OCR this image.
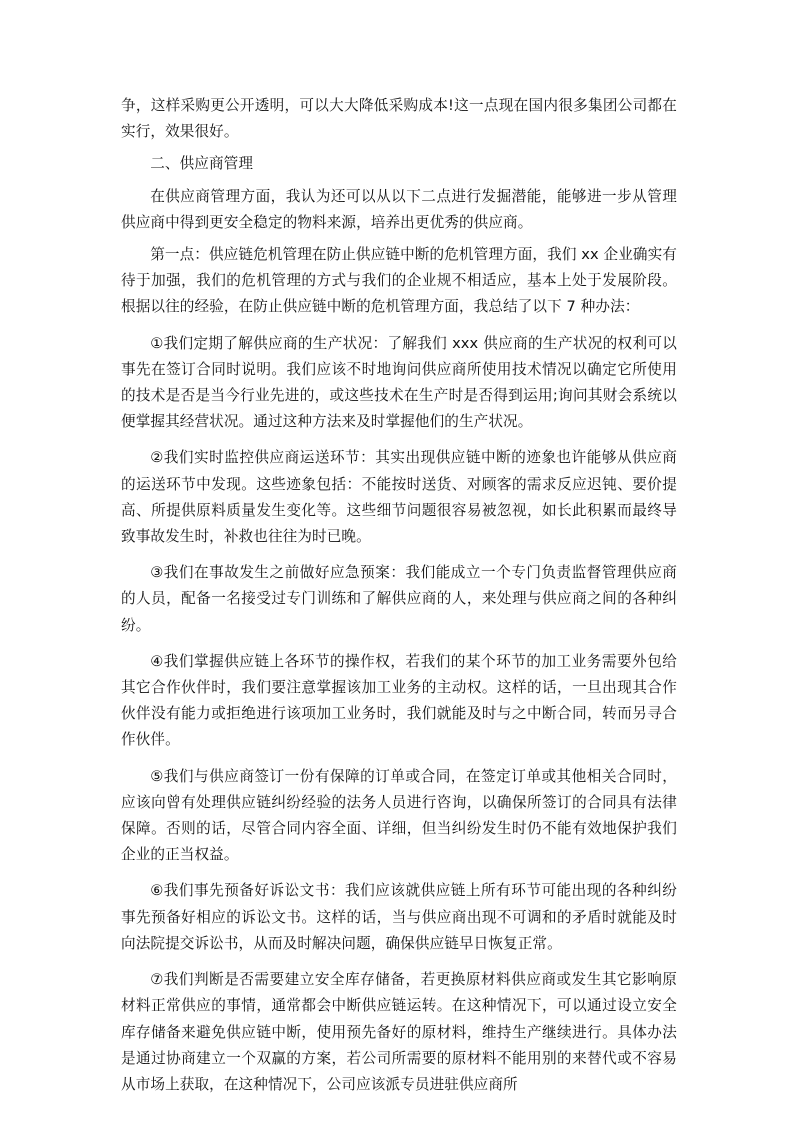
争，这样采购更公开透明，可以大大降低采购成本!这一点现在国内很多集团公司都在实行，效果很好。

二、供应商管理

在供应商管理方面，我认为还可以从以下二点进行发掘潜能，能够进一步从管理供应商中得到更安全稳定的物料来源，培养出更优秀的供应商。

第一点：供应链危机管理在防止供应链中断的危机管理方面，我们 xx 企业确实有待于加强，我们的危机管理的方式与我们的企业规不相适应，基本上处于发展阶段。根据以往的经验，在防止供应链中断的危机管理方面，我总结了以下 7 种办法：

①我们定期了解供应商的生产状况：了解我们 xxx 供应商的生产状况的权利可以事先在签订合同时说明。我们应该不时地询问供应商所使用技术情况以确定它所使用的技术是否是当今行业先进的，或这些技术在生产时是否得到运用;询问其财会系统以便掌握其经营状况。通过这种方法来及时掌握他们的生产状况。

②我们实时监控供应商运送环节：其实出现供应链中断的迹象也许能够从供应商的运送环节中发现。这些迹象包括：不能按时送货、对顾客的需求反应迟钝、要价提高、所提供原料质量发生变化等。这些细节问题很容易被忽视，如长此积累而最终导致事故发生时，补救也往往为时已晚。

③我们在事故发生之前做好应急预案：我们能成立一个专门负责监督管理供应商的人员，配备一名接受过专门训练和了解供应商的人，来处理与供应商之间的各种纠纷。

④我们掌握供应链上各环节的操作权，若我们的某个环节的加工业务需要外包给其它合作伙伴时，我们要注意掌握该加工业务的主动权。这样的话，一旦出现其合作伙伴没有能力或拒绝进行该项加工业务时，我们就能及时与之中断合同，转而另寻合作伙伴。

⑤我们与供应商签订一份有保障的订单或合同，在签定订单或其他相关合同时，应该向曾有处理供应链纠纷经验的法务人员进行咨询，以确保所签订的合同具有法律保障。否则的话，尽管合同内容全面、详细，但当纠纷发生时仍不能有效地保护我们企业的正当权益。

⑥我们事先预备好诉讼文书：我们应该就供应链上所有环节可能出现的各种纠纷事先预备好相应的诉讼文书。这样的话，当与供应商出现不可调和的矛盾时就能及时向法院提交诉讼书，从而及时解决问题，确保供应链早日恢复正常。

⑦我们判断是否需要建立安全库存储备，若更换原材料供应商或发生其它影响原材料正常供应的事情，通常都会中断供应链运转。在这种情况下，可以通过设立安全库存储备来避免供应链中断，使用预先备好的原材料，维持生产继续进行。具体办法是通过协商建立一个双赢的方案，若公司所需要的原材料不能用别的来替代或不容易从市场上获取，在这种情况下，公司应该派专员进驻供应商所
